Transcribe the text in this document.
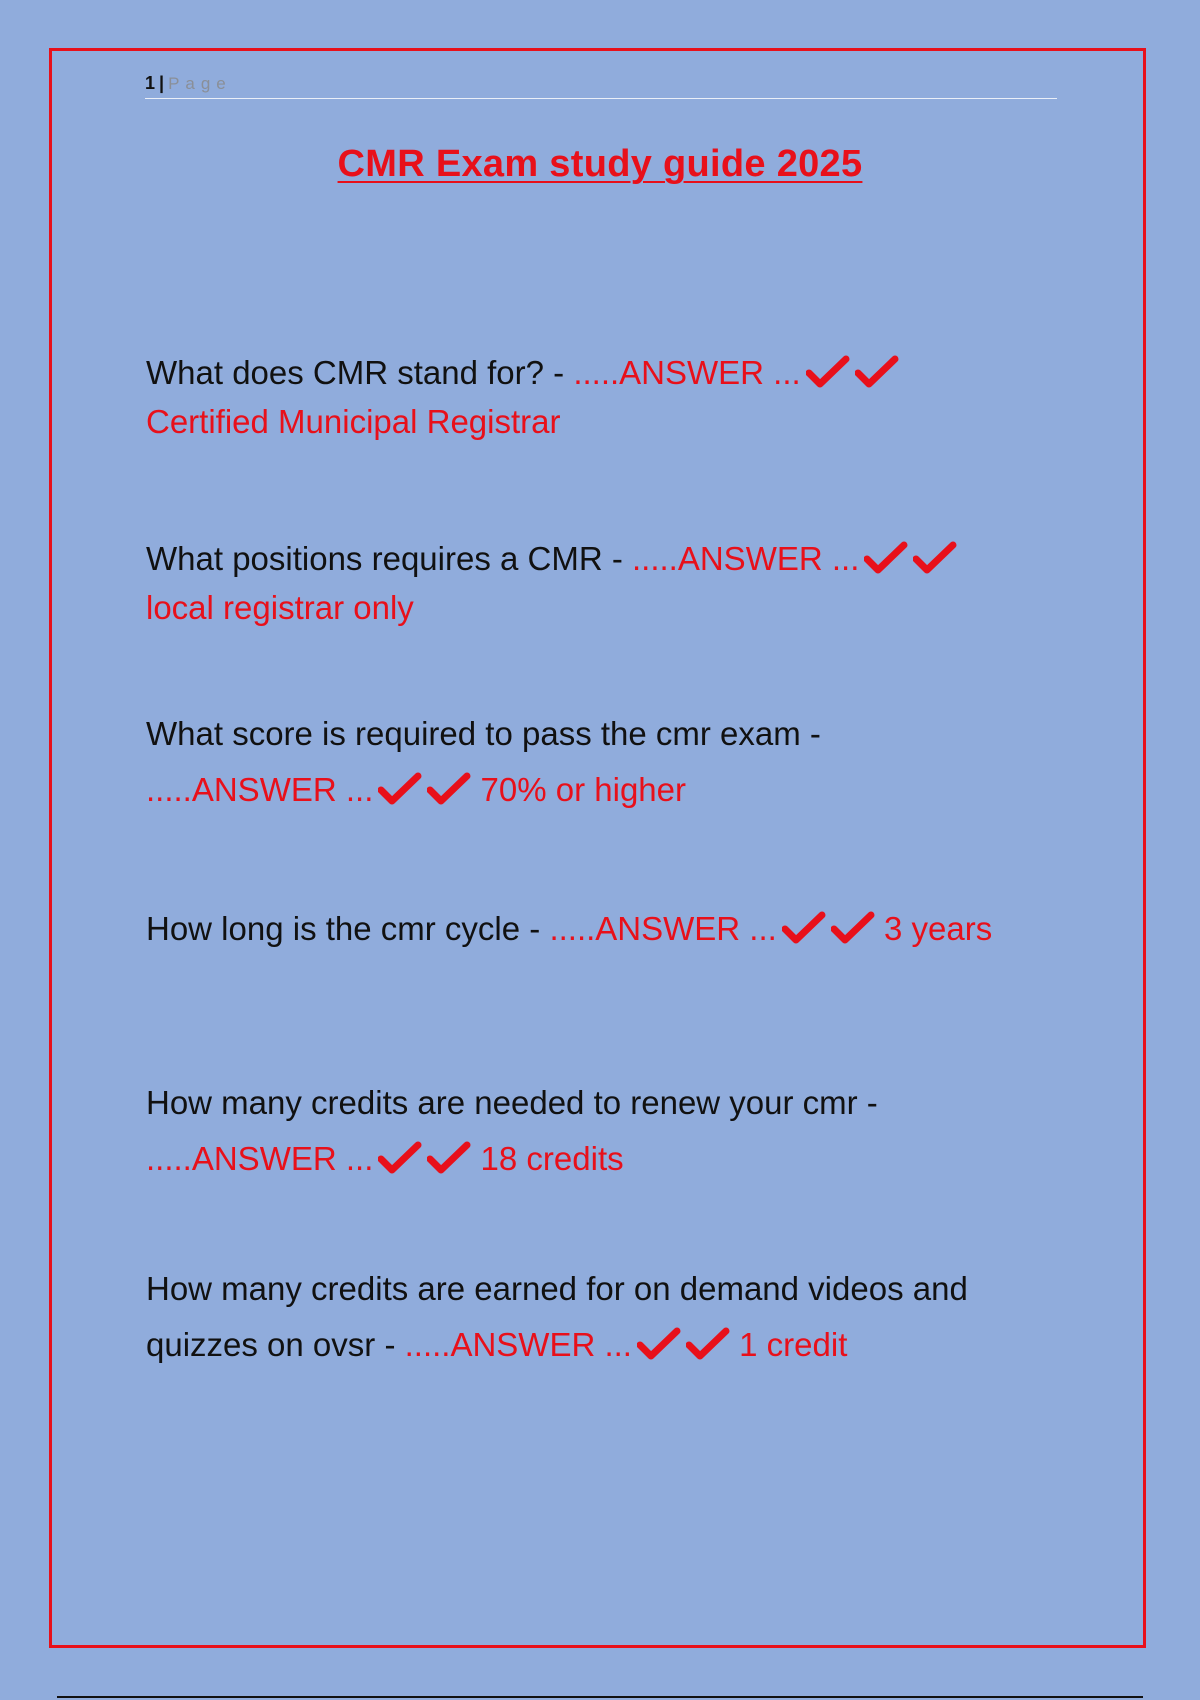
1 | Page
CMR Exam study guide 2025
What does CMR stand for? - .....ANSWER ...

Certified Municipal Registrar
What positions requires a CMR - .....ANSWER ...

local registrar only
What score is required to pass the cmr exam -
.....ANSWER ...	70% or higher
How long is the cmr cycle - .....ANSWER ...	3 years
How many credits are needed to renew your cmr -
.....ANSWER ...	18 credits
How many credits are earned for on demand videos and quizzes on ovsr - .....ANSWER ...	1 credit
